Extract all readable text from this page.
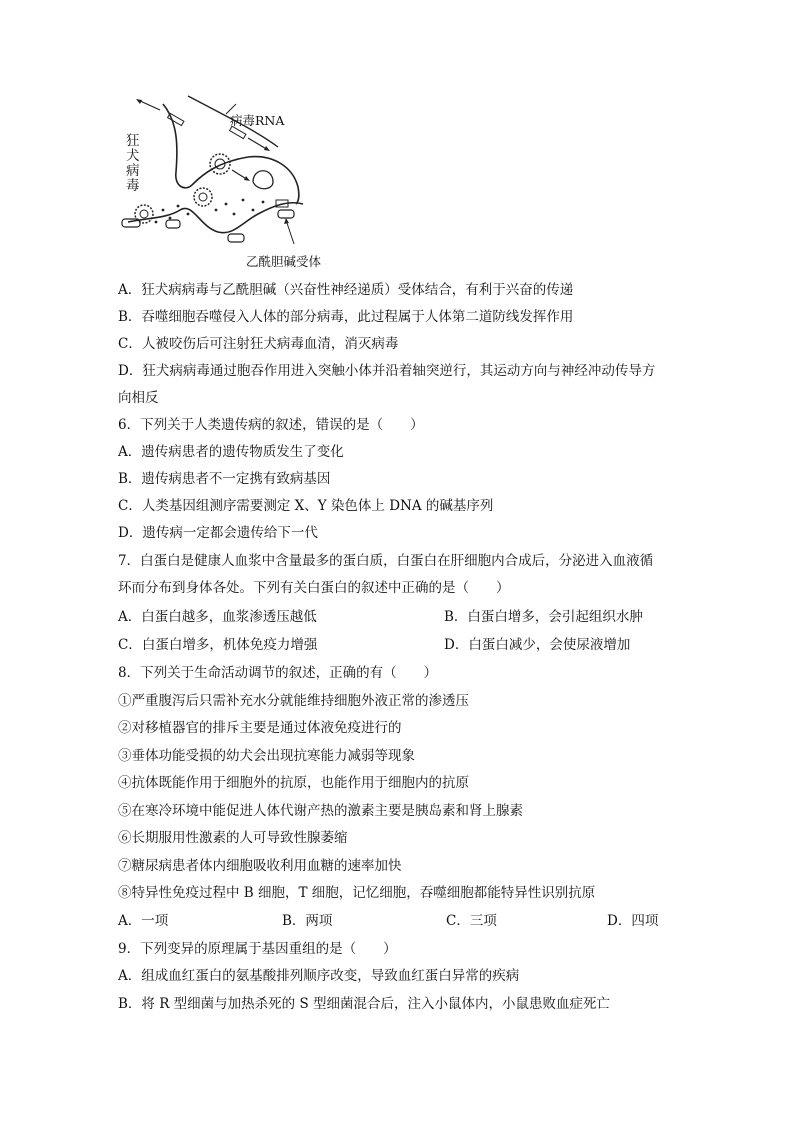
病毒RNA
狂
犬
病
毒
乙酰胆碱受体
A．狂犬病病毒与乙酰胆碱（兴奋性神经递质）受体结合，有利于兴奋的传递
B．吞噬细胞吞噬侵入人体的部分病毒，此过程属于人体第二道防线发挥作用
C．人被咬伤后可注射狂犬病毒血清，消灭病毒
D．狂犬病病毒通过胞吞作用进入突触小体并沿着轴突逆行，其运动方向与神经冲动传导方
向相反
6．下列关于人类遗传病的叙述，错误的是（　　）
A．遗传病患者的遗传物质发生了变化
B．遗传病患者不一定携有致病基因
C．人类基因组测序需要测定 X、Y 染色体上 DNA 的碱基序列
D．遗传病一定都会遗传给下一代
7．白蛋白是健康人血浆中含量最多的蛋白质，白蛋白在肝细胞内合成后，分泌进入血液循
环而分布到身体各处。下列有关白蛋白的叙述中正确的是（　　）
A．白蛋白越多，血浆渗透压越低	B．白蛋白增多，会引起组织水肿
C．白蛋白增多，机体免疫力增强	D．白蛋白减少，会使尿液增加
8．下列关于生命活动调节的叙述，正确的有（　　）
①严重腹泻后只需补充水分就能维持细胞外液正常的渗透压
②对移植器官的排斥主要是通过体液免疫进行的
③垂体功能受损的幼犬会出现抗寒能力减弱等现象
④抗体既能作用于细胞外的抗原，也能作用于细胞内的抗原
⑤在寒冷环境中能促进人体代谢产热的激素主要是胰岛素和肾上腺素
⑥长期服用性激素的人可导致性腺萎缩
⑦糖尿病患者体内细胞吸收利用血糖的速率加快
⑧特异性免疫过程中 B 细胞，T 细胞，记忆细胞，吞噬细胞都能特异性识别抗原
A．一项	B．两项	C．三项	D．四项
9．下列变异的原理属于基因重组的是（　　）
A．组成血红蛋白的氨基酸排列顺序改变，导致血红蛋白异常的疾病
B．将 R 型细菌与加热杀死的 S 型细菌混合后，注入小鼠体内，小鼠患败血症死亡
